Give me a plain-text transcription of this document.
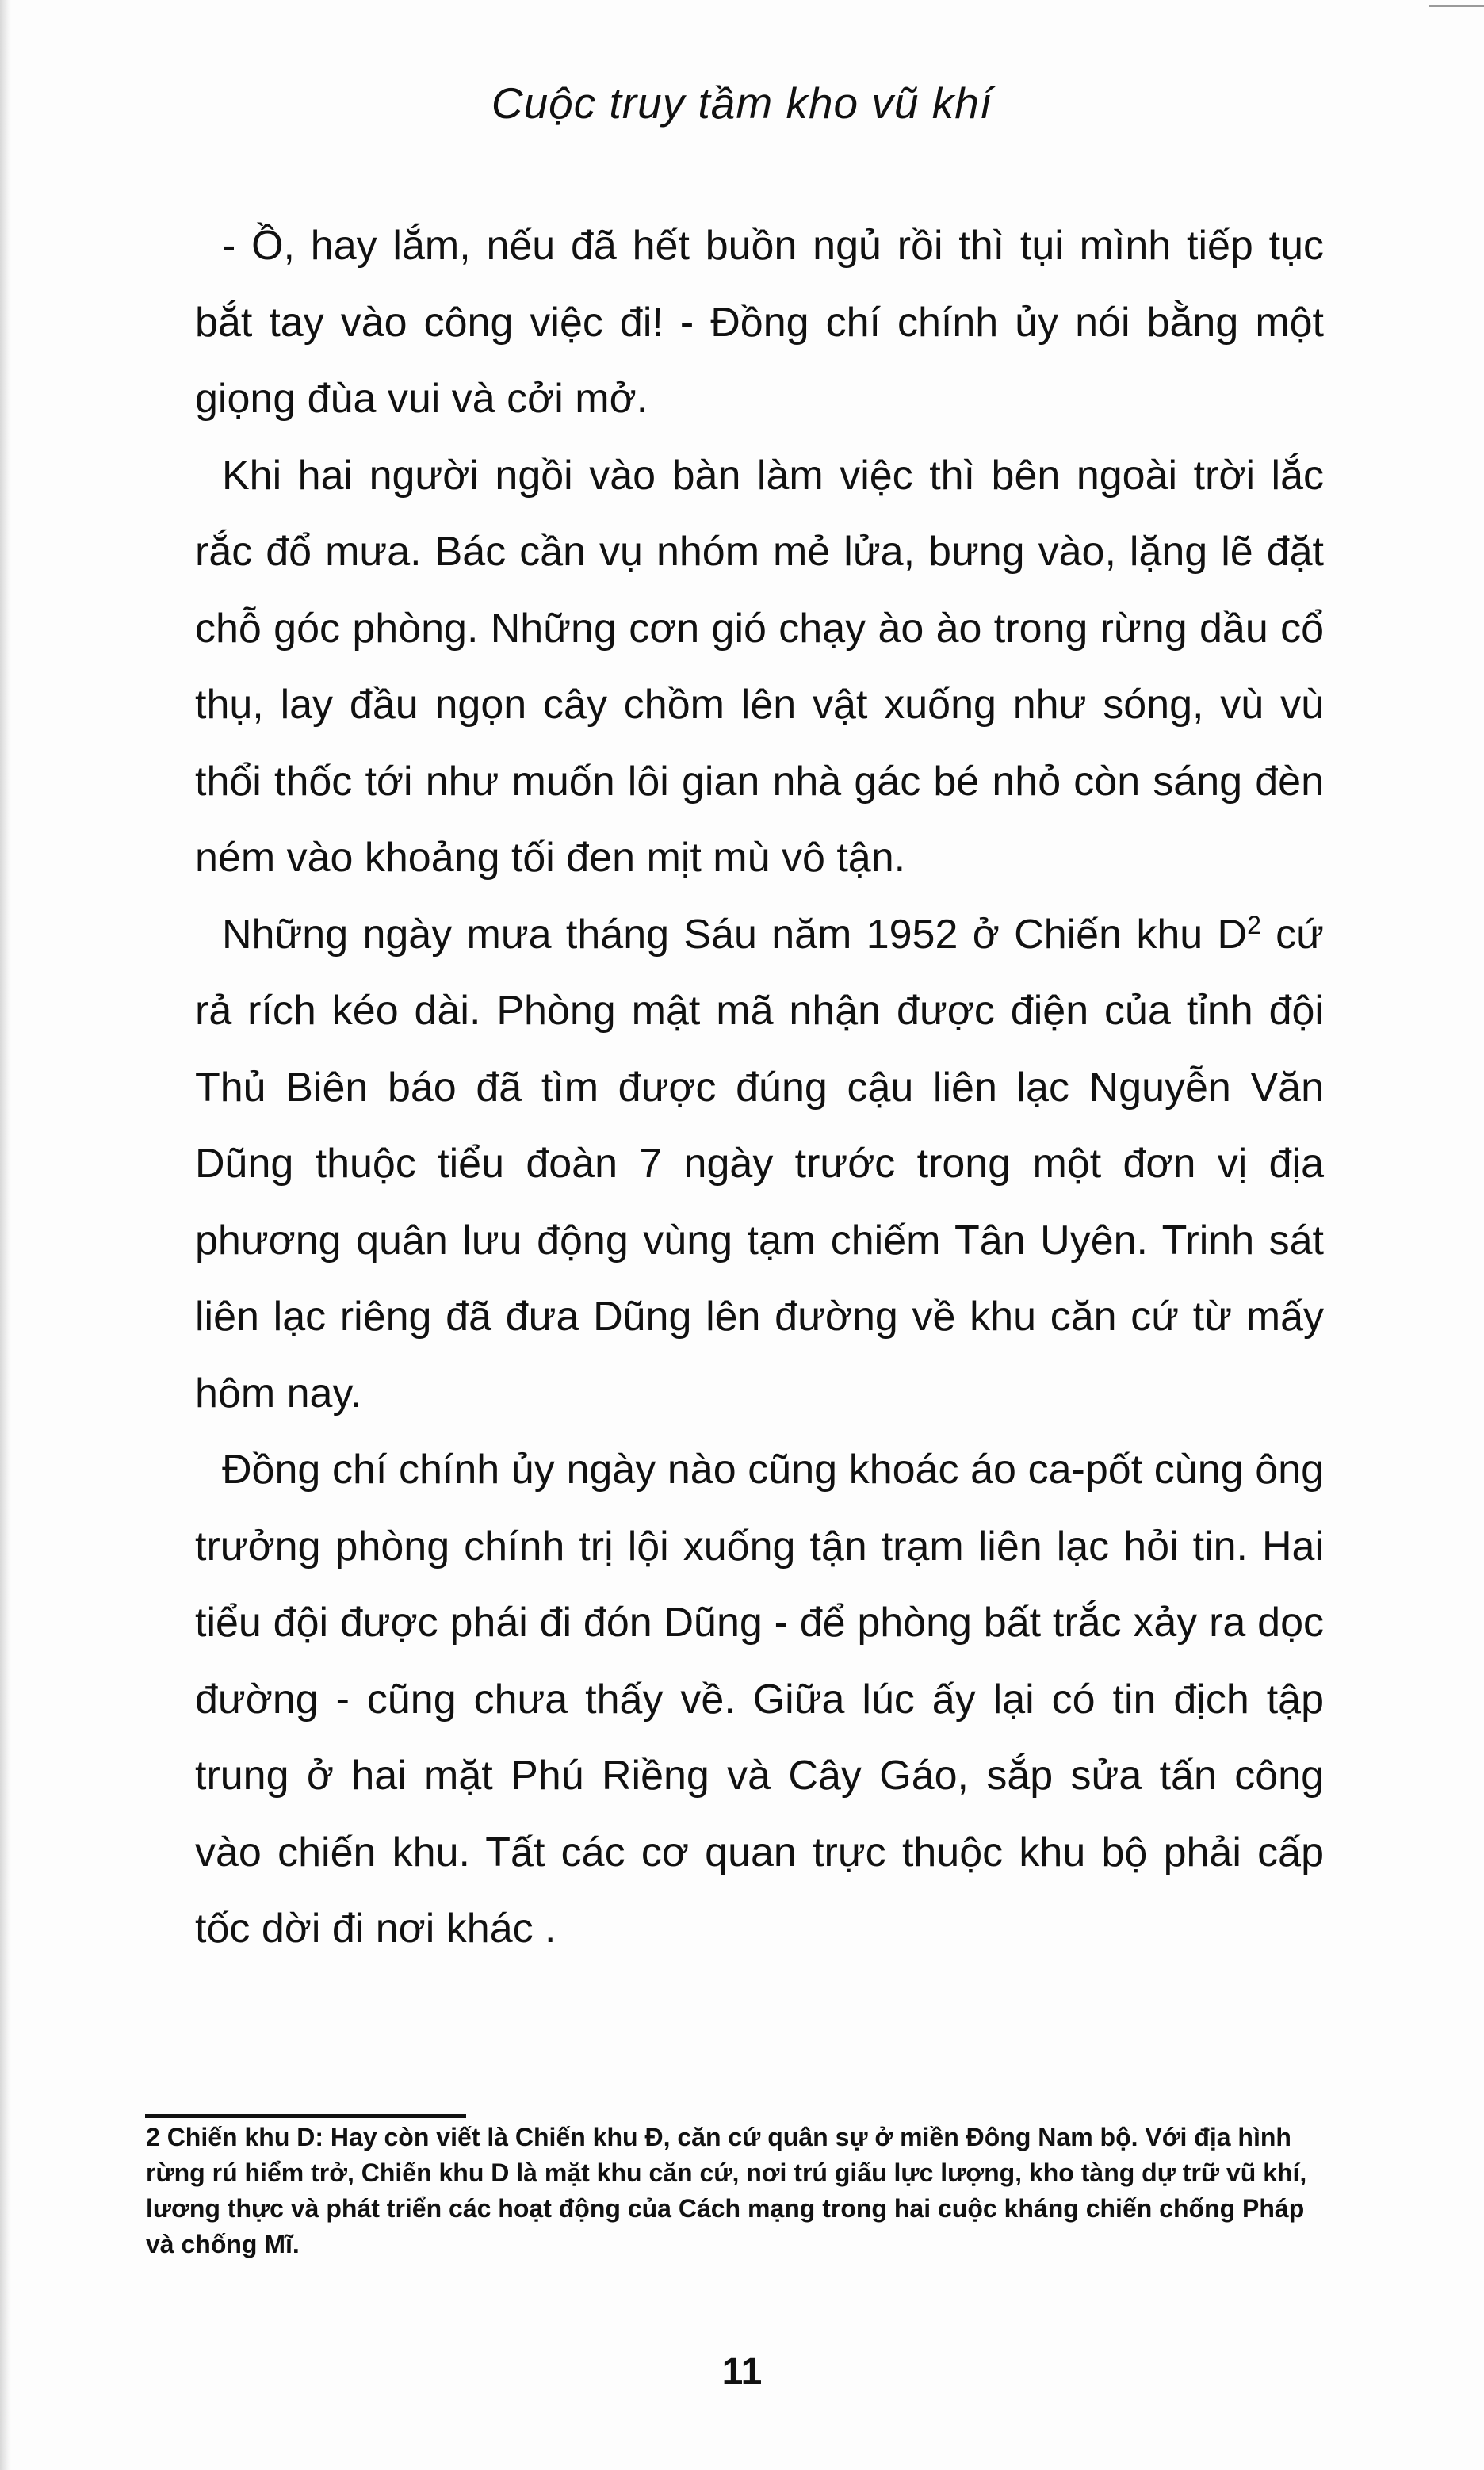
Cuộc truy tầm kho vũ khí

- Ồ, hay lắm, nếu đã hết buồn ngủ rồi thì tụi mình tiếp tục bắt tay vào công việc đi! - Đồng chí chính ủy nói bằng một giọng đùa vui và cởi mở.

Khi hai người ngồi vào bàn làm việc thì bên ngoài trời lắc rắc đổ mưa. Bác cần vụ nhóm mẻ lửa, bưng vào, lặng lẽ đặt chỗ góc phòng. Những cơn gió chạy ào ào trong rừng dầu cổ thụ, lay đầu ngọn cây chồm lên vật xuống như sóng, vù vù thổi thốc tới như muốn lôi gian nhà gác bé nhỏ còn sáng đèn ném vào khoảng tối đen mịt mù vô tận.

Những ngày mưa tháng Sáu năm 1952 ở Chiến khu $D^2$ cứ rả rích kéo dài. Phòng mật mã nhận được điện của tỉnh đội Thủ Biên báo đã tìm được đúng cậu liên lạc Nguyễn Văn Dũng thuộc tiểu đoàn 7 ngày trước trong một đơn vị địa phương quân lưu động vùng tạm chiếm Tân Uyên. Trinh sát liên lạc riêng đã đưa Dũng lên đường về khu căn cứ từ mấy hôm nay.

Đồng chí chính ủy ngày nào cũng khoác áo ca-pốt cùng ông trưởng phòng chính trị lội xuống tận trạm liên lạc hỏi tin. Hai tiểu đội được phái đi đón Dũng - để phòng bất trắc xảy ra dọc đường - cũng chưa thấy về. Giữa lúc ấy lại có tin địch tập trung ở hai mặt Phú Riềng và Cây Gáo, sắp sửa tấn công vào chiến khu. Tất các cơ quan trực thuộc khu bộ phải cấp tốc dời đi nơi khác .

2 Chiến khu D: Hay còn viết là Chiến khu Đ, căn cứ quân sự ở miền Đông Nam bộ. Với địa hình rừng rú hiểm trở, Chiến khu D là mặt khu căn cứ, nơi trú giấu lực lượng, kho tàng dự trữ vũ khí, lương thực và phát triển các hoạt động của Cách mạng trong hai cuộc kháng chiến chống Pháp và chống Mĩ.

11
